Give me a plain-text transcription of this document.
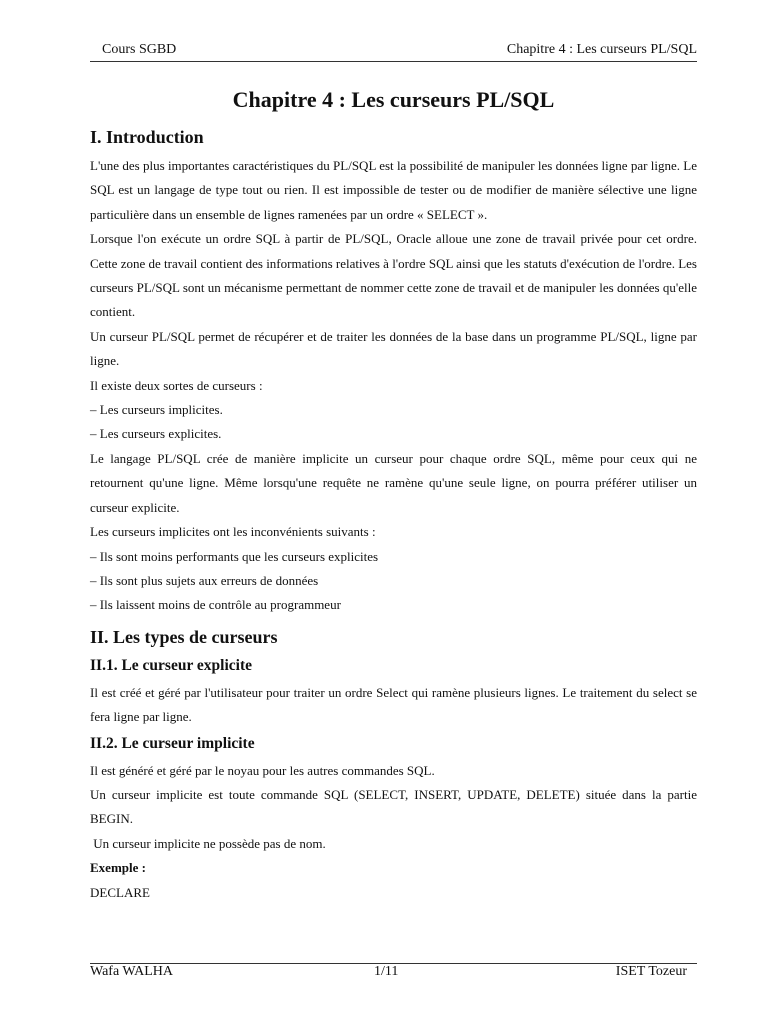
Cours SGBD	Chapitre 4 : Les curseurs PL/SQL
Chapitre 4 : Les curseurs PL/SQL
I. Introduction

L'une des plus importantes caractéristiques du PL/SQL est la possibilité de manipuler les données ligne par ligne. Le SQL est un langage de type tout ou rien. Il est impossible de tester ou de modifier de manière sélective une ligne particulière dans un ensemble de lignes ramenées par un ordre « SELECT ».

Lorsque l'on exécute un ordre SQL à partir de PL/SQL, Oracle alloue une zone de travail privée pour cet ordre. Cette zone de travail contient des informations relatives à l'ordre SQL ainsi que les statuts d'exécution de l'ordre. Les curseurs PL/SQL sont un mécanisme permettant de nommer cette zone de travail et de manipuler les données qu'elle contient.

Un curseur PL/SQL permet de récupérer et de traiter les données de la base dans un programme PL/SQL, ligne par ligne.

Il existe deux sortes de curseurs :

– Les curseurs implicites.

– Les curseurs explicites.

Le langage PL/SQL crée de manière implicite un curseur pour chaque ordre SQL, même pour ceux qui ne retournent qu'une ligne. Même lorsqu'une requête ne ramène qu'une seule ligne, on pourra préférer utiliser un curseur explicite.

Les curseurs implicites ont les inconvénients suivants :

– Ils sont moins performants que les curseurs explicites

– Ils sont plus sujets aux erreurs de données

– Ils laissent moins de contrôle au programmeur

II. Les types de curseurs
II.1. Le curseur explicite

Il est créé et géré par l'utilisateur pour traiter un ordre Select qui ramène plusieurs lignes. Le traitement du select se fera ligne par ligne.

II.2. Le curseur implicite

Il est généré et géré par le noyau pour les autres commandes SQL.

Un curseur implicite est toute commande SQL (SELECT, INSERT, UPDATE, DELETE) située dans la partie BEGIN.

Un curseur implicite ne possède pas de nom.

Exemple :

DECLARE

Wafa WALHA	1/11	ISET Tozeur
